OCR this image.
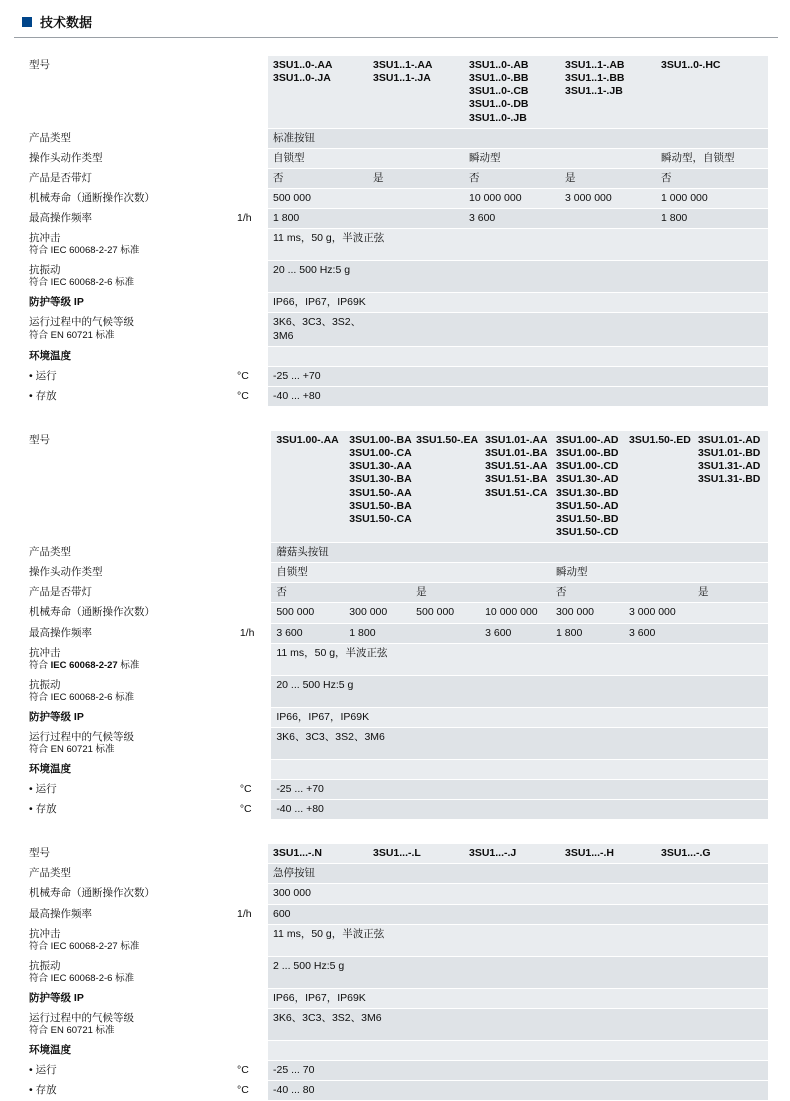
技术数据
型号		3SU1..0-.AA
3SU1..0-.JA	3SU1..1-.AA
3SU1..1-.JA	3SU1..0-.AB
3SU1..0-.BB
3SU1..0-.CB
3SU1..0-.DB
3SU1..0-.JB	3SU1..1-.AB
3SU1..1-.BB
3SU1..1-.JB	3SU1..0-.HC
产品类型		标准按钮				
操作头动作类型		自锁型		瞬动型		瞬动型，自锁型
产品是否带灯		否	是	否	是	否
机械寿命（通断操作次数）		500 000		10 000 000	3 000 000	1 000 000
最高操作频率	1/h	1 800		3 600		1 800

抗冲击
符合 IEC 60068-2-27 标准		11 ms，50 g，半波正弦				

抗振动
符合 IEC 60068-2-6 标准		20 ... 500 Hz:5 g				
防护等级 IP		IP66，IP67，IP69K				

运行过程中的气候等级
符合 EN 60721 标准		3K6、3C3、3S2、
3M6				
环境温度						
• 运行	°C	-25 ... +70				
• 存放	°C	-40 ... +80				
型号		3SU1.00-.AA	3SU1.00-.BA
3SU1.00-.CA
3SU1.30-.AA
3SU1.30-.BA
3SU1.50-.AA
3SU1.50-.BA
3SU1.50-.CA	3SU1.50-.EA	3SU1.01-.AA
3SU1.01-.BA
3SU1.51-.AA
3SU1.51-.BA
3SU1.51-.CA	3SU1.00-.AD
3SU1.00-.BD
3SU1.00-.CD
3SU1.30-.AD
3SU1.30-.BD
3SU1.50-.AD
3SU1.50-.BD
3SU1.50-.CD	3SU1.50-.ED	3SU1.01-.AD
3SU1.01-.BD
3SU1.31-.AD
3SU1.31-.BD
产品类型		蘑菇头按钮						
操作头动作类型		自锁型				瞬动型		
产品是否带灯		否		是		否		是
机械寿命（通断操作次数）		500 000	300 000	500 000	10 000 000	300 000	3 000 000	
最高操作频率	1/h	3 600	1 800		3 600	1 800	3 600	

抗冲击
符合 IEC 60068-2-27 标准		11 ms，50 g，半波正弦						

抗振动
符合 IEC 60068-2-6 标准		20 ... 500 Hz:5 g						
防护等级 IP		IP66，IP67，IP69K						

运行过程中的气候等级
符合 EN 60721 标准		3K6、3C3、3S2、3M6						
环境温度								
• 运行	°C	-25 ... +70						
• 存放	°C	-40 ... +80						
型号		3SU1...-.N	3SU1...-.L	3SU1...-.J	3SU1...-.H	3SU1...-.G
产品类型		急停按钮				
机械寿命（通断操作次数）		300 000				
最高操作频率	1/h	600				

抗冲击
符合 IEC 60068-2-27 标准		11 ms，50 g，半波正弦				

抗振动
符合 IEC 60068-2-6 标准		2 ... 500 Hz:5 g				
防护等级 IP		IP66，IP67，IP69K				

运行过程中的气候等级
符合 EN 60721 标准		3K6、3C3、3S2、3M6				
环境温度						
• 运行	°C	-25 ... 70				
• 存放	°C	-40 ... 80				
